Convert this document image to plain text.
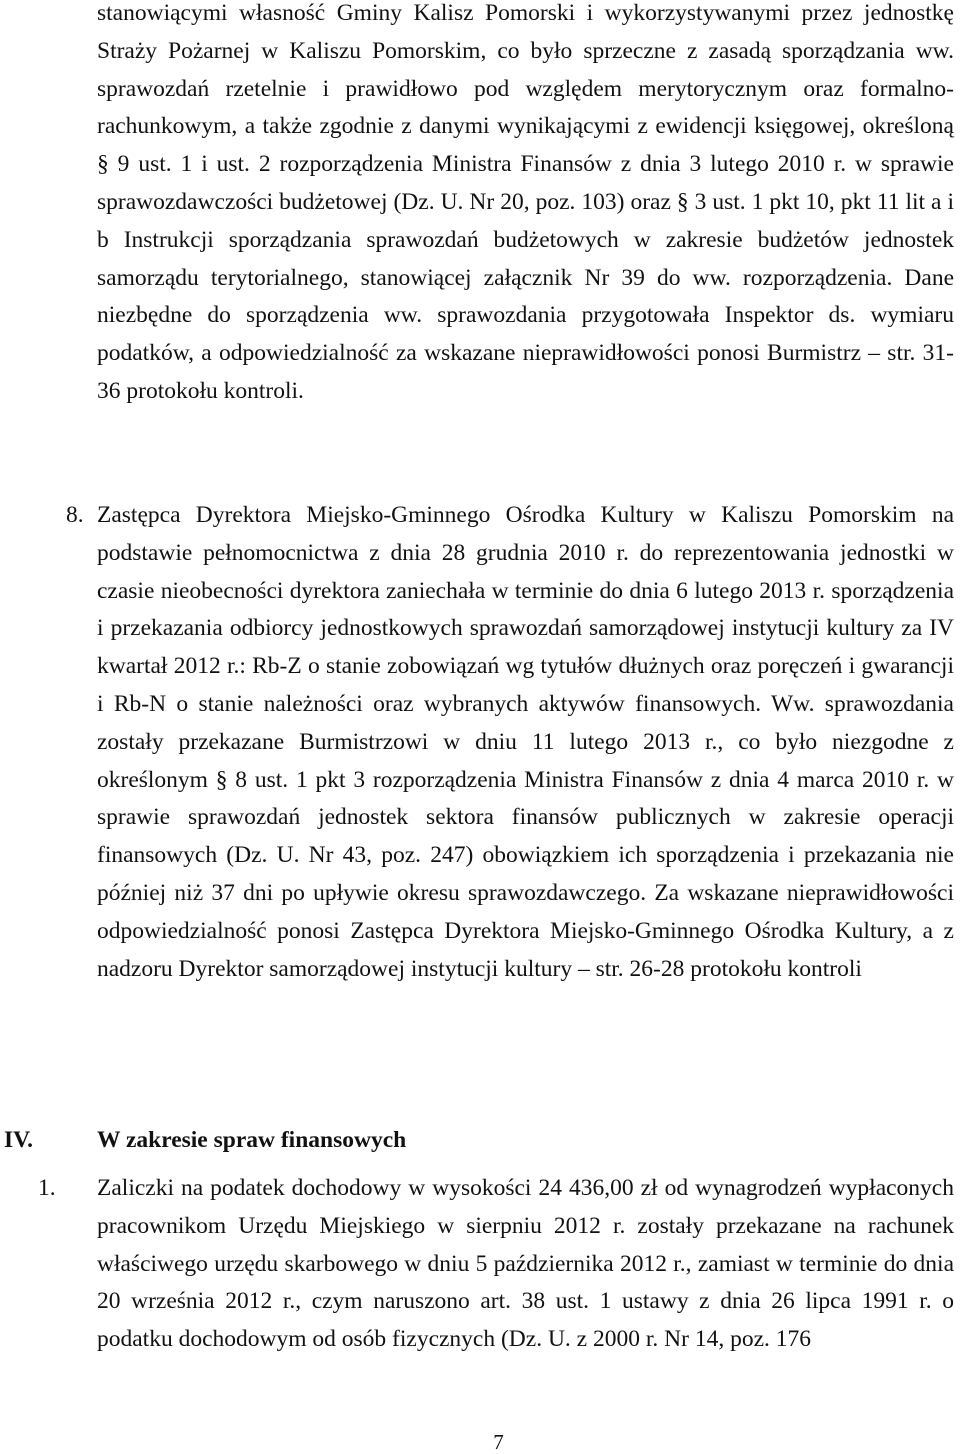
stanowiącymi własność Gminy Kalisz Pomorski i wykorzystywanymi przez jednostkę Straży Pożarnej w Kaliszu Pomorskim, co było sprzeczne z zasadą sporządzania ww. sprawozdań rzetelnie i prawidłowo pod względem merytorycznym oraz formalno-rachunkowym, a także zgodnie z danymi wynikającymi z ewidencji księgowej, określoną § 9 ust. 1 i ust. 2 rozporządzenia Ministra Finansów z dnia 3 lutego 2010 r. w sprawie sprawozdawczości budżetowej (Dz. U. Nr 20, poz. 103) oraz § 3 ust. 1 pkt 10, pkt 11 lit a i b Instrukcji sporządzania sprawozdań budżetowych w zakresie budżetów jednostek samorządu terytorialnego, stanowiącej załącznik Nr 39 do ww. rozporządzenia. Dane niezbędne do sporządzenia ww. sprawozdania przygotowała Inspektor ds. wymiaru podatków, a odpowiedzialność za wskazane nieprawidłowości ponosi Burmistrz – str. 31-36 protokołu kontroli.

8. Zastępca Dyrektora Miejsko-Gminnego Ośrodka Kultury w Kaliszu Pomorskim na podstawie pełnomocnictwa z dnia 28 grudnia 2010 r. do reprezentowania jednostki w czasie nieobecności dyrektora zaniechała w terminie do dnia 6 lutego 2013 r. sporządzenia i przekazania odbiorcy jednostkowych sprawozdań samorządowej instytucji kultury za IV kwartał 2012 r.: Rb-Z o stanie zobowiązań wg tytułów dłużnych oraz poręczeń i gwarancji i Rb-N o stanie należności oraz wybranych aktywów finansowych. Ww. sprawozdania zostały przekazane Burmistrzowi w dniu 11 lutego 2013 r., co było niezgodne z określonym § 8 ust. 1 pkt 3 rozporządzenia Ministra Finansów z dnia 4 marca 2010 r. w sprawie sprawozdań jednostek sektora finansów publicznych w zakresie operacji finansowych (Dz. U. Nr 43, poz. 247) obowiązkiem ich sporządzenia i przekazania nie później niż 37 dni po upływie okresu sprawozdawczego. Za wskazane nieprawidłowości odpowiedzialność ponosi Zastępca Dyrektora Miejsko-Gminnego Ośrodka Kultury, a z nadzoru Dyrektor samorządowej instytucji kultury – str. 26-28 protokołu kontroli

IV.	W zakresie spraw finansowych
1. Zaliczki na podatek dochodowy w wysokości 24 436,00 zł od wynagrodzeń wypłaconych pracownikom Urzędu Miejskiego w sierpniu 2012 r. zostały przekazane na rachunek właściwego urzędu skarbowego w dniu 5 października 2012 r., zamiast w terminie do dnia 20 września 2012 r., czym naruszono art. 38 ust. 1 ustawy z dnia 26 lipca 1991 r. o podatku dochodowym od osób fizycznych (Dz. U. z 2000 r. Nr 14, poz. 176

7
